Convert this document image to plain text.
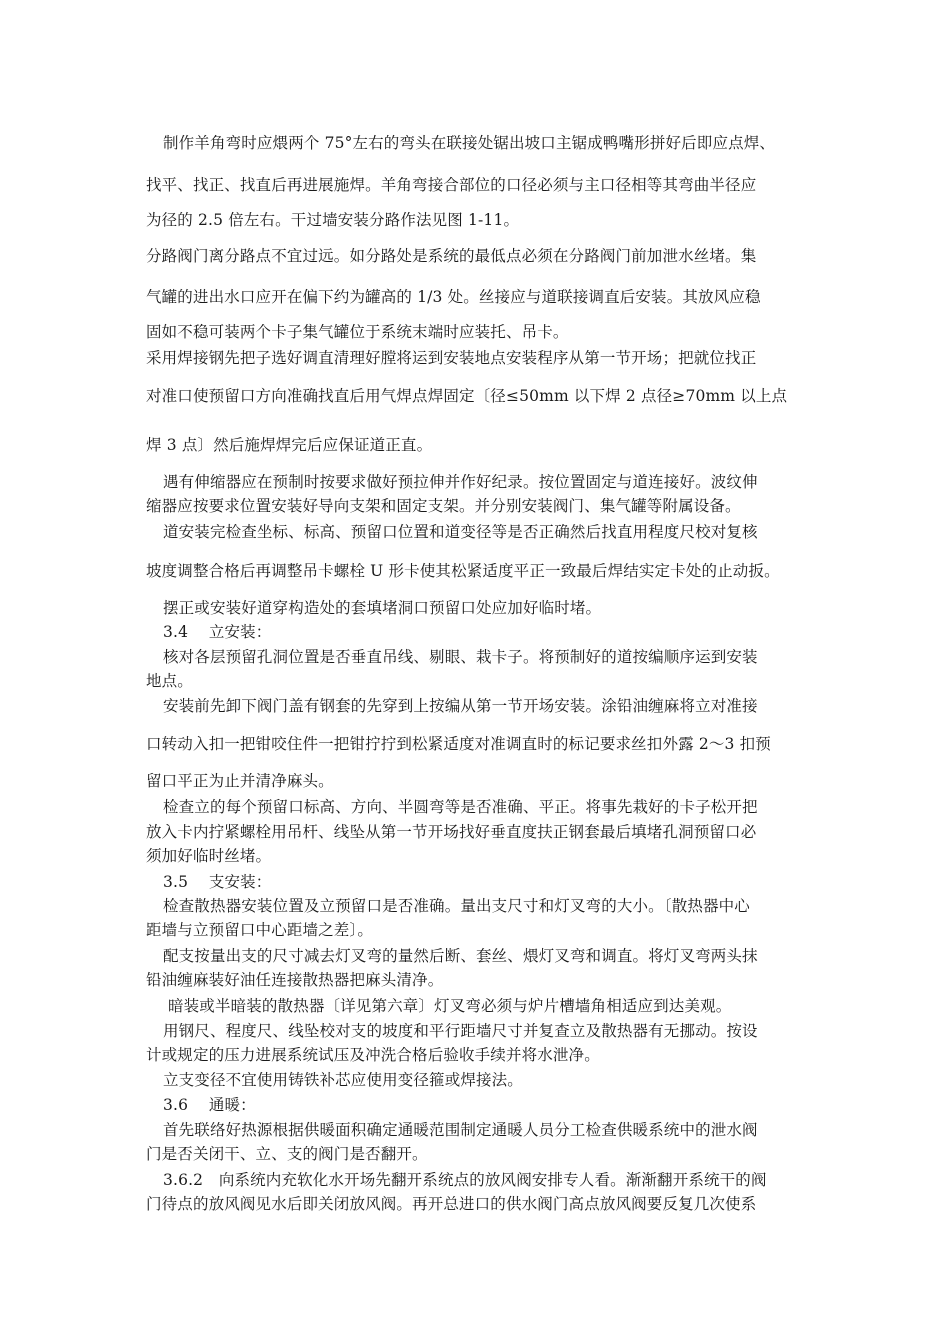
制作羊角弯时应煨两个 75°左右的弯头在联接处锯出坡口主锯成鸭嘴形拼好后即应点焊、
找平、找正、找直后再进展施焊。羊角弯接合部位的口径必须与主口径相等其弯曲半径应
为径的 2.5 倍左右。干过墙安装分路作法见图 1-11。
分路阀门离分路点不宜过远。如分路处是系统的最低点必须在分路阀门前加泄水丝堵。集
气罐的进出水口应开在偏下约为罐高的 1/3 处。丝接应与道联接调直后安装。其放风应稳
固如不稳可装两个卡子集气罐位于系统末端时应装托、吊卡。
采用焊接钢先把子选好调直清理好膛将运到安装地点安装程序从第一节开场；把就位找正
对准口使预留口方向准确找直后用气焊点焊固定〔径≤50mm 以下焊 2 点径≥70mm 以上点
焊 3 点〕然后施焊焊完后应保证道正直。
遇有伸缩器应在预制时按要求做好预拉伸并作好纪录。按位置固定与道连接好。波纹伸
缩器应按要求位置安装好导向支架和固定支架。并分别安装阀门、集气罐等附属设备。
道安装完检查坐标、标高、预留口位置和道变径等是否正确然后找直用程度尺校对复核
坡度调整合格后再调整吊卡螺栓 U 形卡使其松紧适度平正一致最后焊结实定卡处的止动扳。
摆正或安装好道穿构造处的套填堵洞口预留口处应加好临时堵。
3.4　 立安装：
核对各层预留孔洞位置是否垂直吊线、剔眼、栽卡子。将预制好的道按编顺序运到安装
地点。
安装前先卸下阀门盖有钢套的先穿到上按编从第一节开场安装。涂铅油缠麻将立对准接
口转动入扣一把钳咬住件一把钳拧拧到松紧适度对准调直时的标记要求丝扣外露 2～3 扣预
留口平正为止并清净麻头。
检查立的每个预留口标高、方向、半圆弯等是否准确、平正。将事先栽好的卡子松开把
放入卡内拧紧螺栓用吊杆、线坠从第一节开场找好垂直度扶正钢套最后填堵孔洞预留口必
须加好临时丝堵。
3.5　 支安装：
检查散热器安装位置及立预留口是否准确。量出支尺寸和灯叉弯的大小。〔散热器中心
距墙与立预留口中心距墙之差〕。
配支按量出支的尺寸减去灯叉弯的量然后断、套丝、煨灯叉弯和调直。将灯叉弯两头抹
铅油缠麻装好油任连接散热器把麻头清净。
暗装或半暗装的散热器〔详见第六章〕灯叉弯必须与炉片槽墙角相适应到达美观。
用钢尺、程度尺、线坠校对支的坡度和平行距墙尺寸并复查立及散热器有无挪动。按设
计或规定的压力进展系统试压及冲洗合格后验收手续并将水泄净。
立支变径不宜使用铸铁补芯应使用变径箍或焊接法。
3.6　 通暖：
首先联络好热源根据供暖面积确定通暖范围制定通暖人员分工检查供暖系统中的泄水阀
门是否关闭干、立、支的阀门是否翻开。
3.6.2　向系统内充软化水开场先翻开系统点的放风阀安排专人看。渐渐翻开系统干的阀
门待点的放风阀见水后即关闭放风阀。再开总进口的供水阀门高点放风阀要反复几次使系
